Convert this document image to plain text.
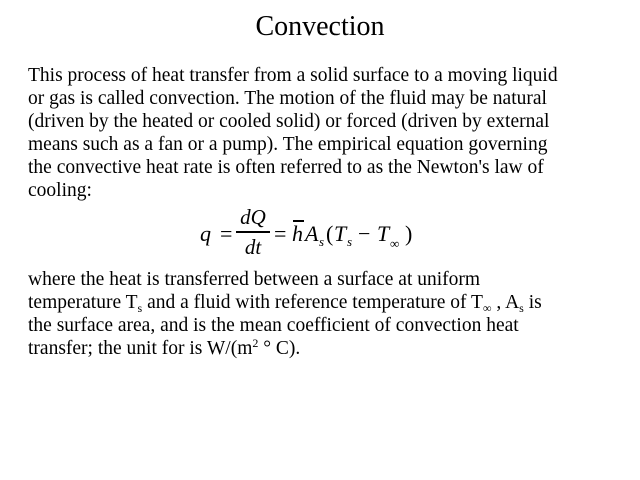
Convection

This process of heat transfer from a solid surface to a moving liquid
or gas is called convection. The motion of the fluid may be natural
(driven by the heated or cooled solid) or forced (driven by external
means such as a fan or a pump). The empirical equation governing
the convective heat rate is often referred to as the Newton's law of
cooling:

q =
dQ
dt
= h A s ( T s − T ∞ )

where the heat is transferred between a surface at uniform
temperature $T_s$ and a fluid with reference temperature of $T_\infty$ , $A_s$ is
the surface area, and is the mean coefficient of convection heat
transfer; the unit for is $W/(m^2$ ° C).
